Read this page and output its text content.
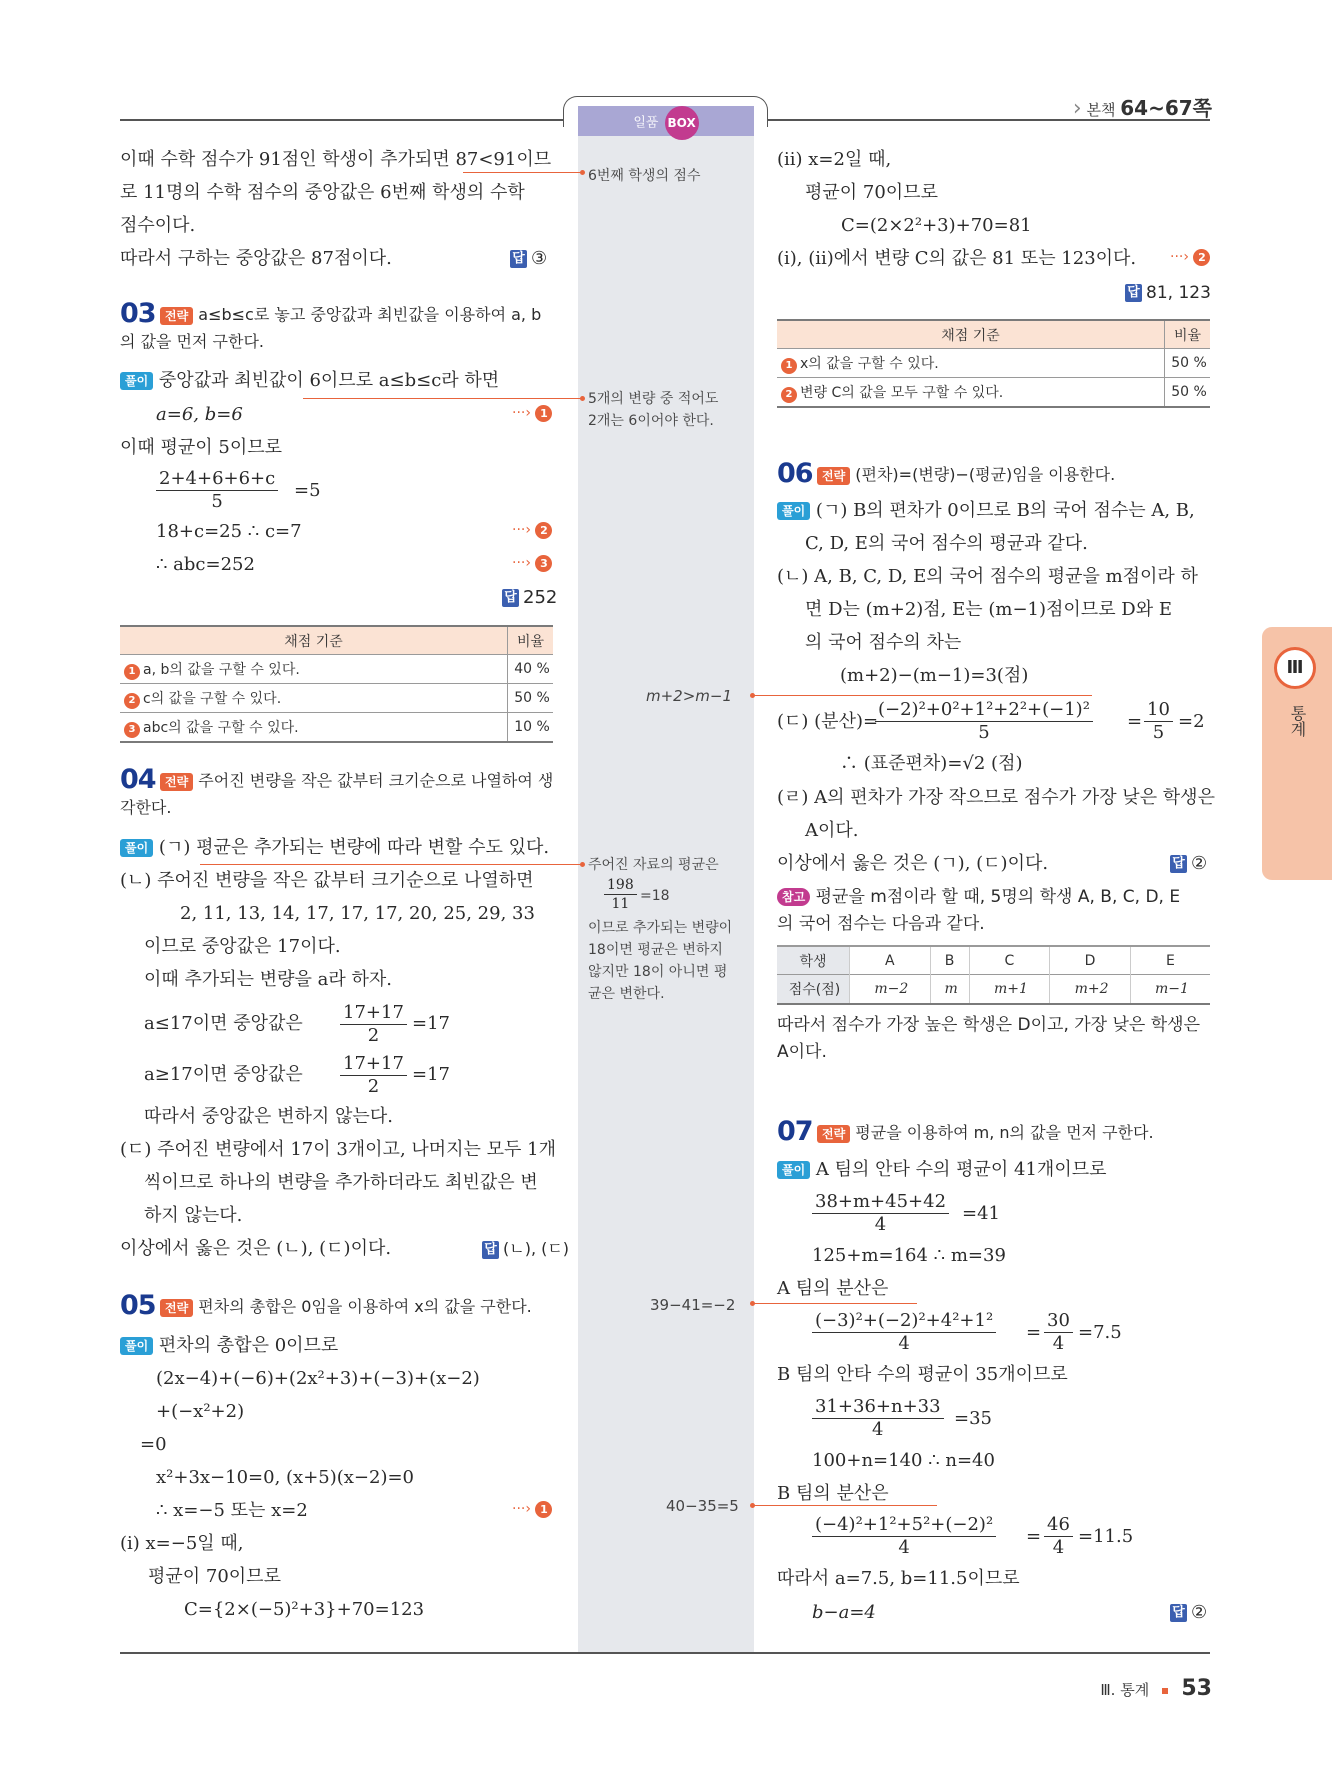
일품 BOX
› 본책 64~67쪽
Ⅲ
통계
이때 수학 점수가 91점인 학생이 추가되면 87<91이므
로 11명의 수학 점수의 중앙값은 6번째 학생의 수학
점수이다.
따라서 구하는 중앙값은 87점이다.	답 ③
03 전략 a≤b≤c로 놓고 중앙값과 최빈값을 이용하여 a, b
의 값을 먼저 구한다.
풀이 중앙값과 최빈값이 6이므로 a≤b≤c라 하면
a=6, b=6
이때 평균이 5이므로
$\frac{2+4+6+6+c}{5} =5$
18+c=25 ∴ c=7
∴ abc=252
···› 1
···› 2
···› 3
답 252
채점 기준	비율
1 a, b의 값을 구할 수 있다.	40 %
2 c의 값을 구할 수 있다.	50 %
3 abc의 값을 구할 수 있다.	10 %
04 전략 주어진 변량을 작은 값부터 크기순으로 나열하여 생
각한다.
풀이 (ㄱ) 평균은 추가되는 변량에 따라 변할 수도 있다.
(ㄴ) 주어진 변량을 작은 값부터 크기순으로 나열하면
2, 11, 13, 14, 17, 17, 17, 20, 25, 29, 33
이므로 중앙값은 17이다.
이때 추가되는 변량을 a라 하자.
a≤17이면 중앙값은 $\frac{17+17}{2} =17$
a≥17이면 중앙값은 $\frac{17+17}{2} =17$
따라서 중앙값은 변하지 않는다.
(ㄷ) 주어진 변량에서 17이 3개이고, 나머지는 모두 1개
씩이므로 하나의 변량을 추가하더라도 최빈값은 변
하지 않는다.
이상에서 옳은 것은 (ㄴ), (ㄷ)이다.	답 (ㄴ), (ㄷ)
05 전략 편차의 총합은 0임을 이용하여 x의 값을 구한다.
풀이 편차의 총합은 0이므로
(2x−4)+(−6)+(2x²+3)+(−3)+(x−2)
+(−x²+2)
=0
x²+3x−10=0, (x+5)(x−2)=0
∴ x=−5 또는 x=2	···› 1
(i) x=−5일 때,
평균이 70이므로
C={2×(−5)²+3}+70=123
6번째 학생의 점수
5개의 변량 중 적어도
2개는 6이어야 한다.
m+2>m−1
주어진 자료의 평균은
$\frac{198}{11} =18$
이므로 추가되는 변량이
18이면 평균은 변하지
않지만 18이 아니면 평
균은 변한다.
39−41=−2
40−35=5
(ii) x=2일 때,
평균이 70이므로
C=(2×2²+3)+70=81
(i), (ii)에서 변량 C의 값은 81 또는 123이다. ···› 2
답 81, 123
채점 기준	비율
1 x의 값을 구할 수 있다.	50 %
2 변량 C의 값을 모두 구할 수 있다.	50 %
06 전략 (편차)=(변량)−(평균)임을 이용한다.
풀이 (ㄱ) B의 편차가 0이므로 B의 국어 점수는 A, B,
C, D, E의 국어 점수의 평균과 같다.
(ㄴ) A, B, C, D, E의 국어 점수의 평균을 m점이라 하
면 D는 (m+2)점, E는 (m−1)점이므로 D와 E
의 국어 점수의 차는
(m+2)−(m−1)=3(점)
(ㄷ) (분산)=
$\frac{\text{(−2)²+0²+1²+2²+(−1)²}}{5} = \frac{10}{5} =2$
∴ (표준편차)=√2 (점)
(ㄹ) A의 편차가 가장 작으므로 점수가 가장 낮은 학생은
A이다.
이상에서 옳은 것은 (ㄱ), (ㄷ)이다.	답 ②
참고 평균을 m점이라 할 때, 5명의 학생 A, B, C, D, E
의 국어 점수는 다음과 같다.
학생	A	B	C	D	E
점수(점)	m−2	m	m+1	m+2	m−1
따라서 점수가 가장 높은 학생은 D이고, 가장 낮은 학생은
A이다.
07 전략 평균을 이용하여 m, n의 값을 먼저 구한다.
풀이 A 팀의 안타 수의 평균이 41개이므로
$\frac{38+m+45+42}{4} =41$
125+m=164 ∴ m=39
A 팀의 분산은
$\frac{\text{(−3)²+(−2)²+4²+1²}}{4} = \frac{30}{4} =7.5$
B 팀의 안타 수의 평균이 35개이므로
$\frac{31+36+n+33}{4} =35$
100+n=140 ∴ n=40
B 팀의 분산은
$\frac{\text{(−4)²+1²+5²+(−2)²}}{4} = \frac{46}{4} =11.5$
따라서 a=7.5, b=11.5이므로
b−a=4	답 ②
Ⅲ. 통계 53
